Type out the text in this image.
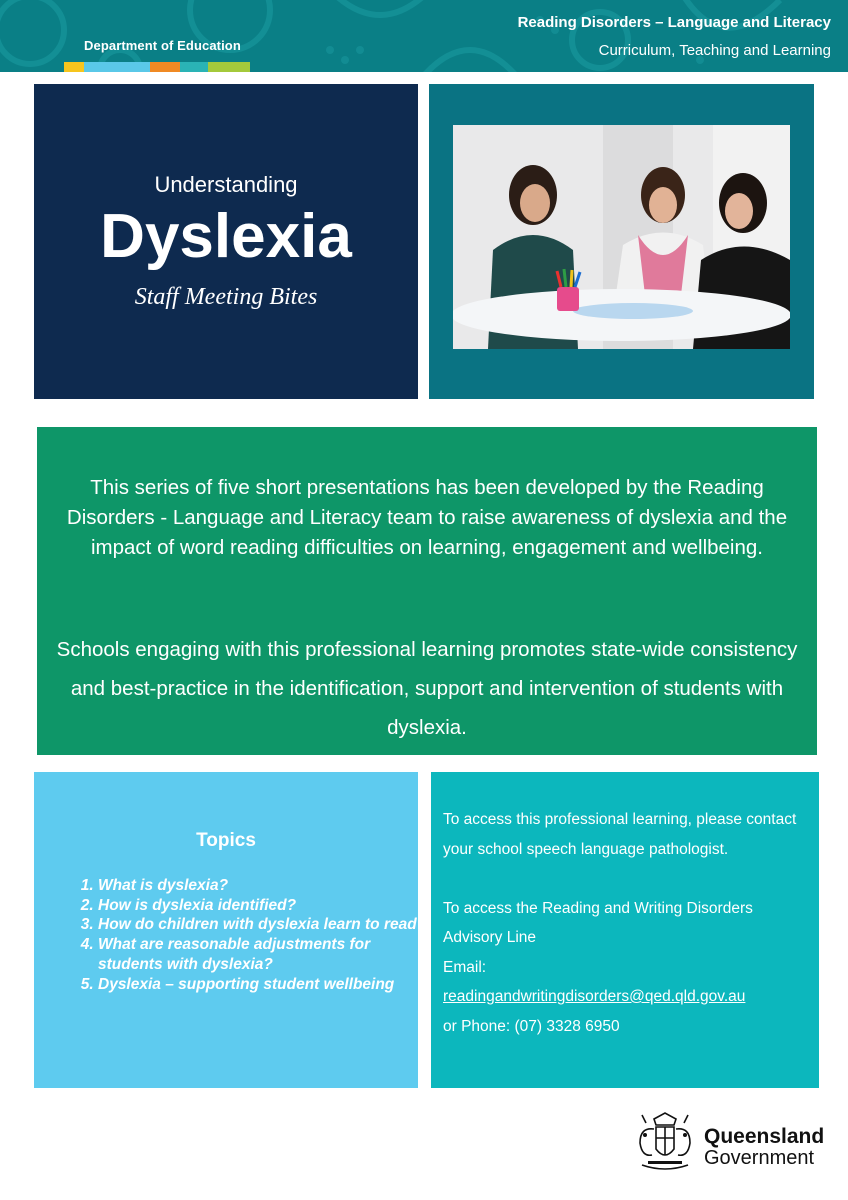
Department of Education
Reading Disorders – Language and Literacy
Curriculum, Teaching and Learning
Understanding
Dyslexia
Staff Meeting Bites

This series of five short presentations has been developed by the Reading Disorders - Language and Literacy team to raise awareness of dyslexia and the impact of word reading difficulties on learning, engagement and wellbeing.

Schools engaging with this professional learning promotes state-wide consistency and best-practice in the identification, support and intervention of students with dyslexia.

Topics
1. What is dyslexia?
2. How is dyslexia identified?
3. How do children with dyslexia learn to read?
4. What are reasonable adjustments for students with dyslexia?
5. Dyslexia – supporting student wellbeing
To access this professional learning, please contact your school speech language pathologist.
To access the Reading and Writing Disorders Advisory Line
Email:
readingandwritingdisorders@qed.qld.gov.au
or Phone: (07) 3328 6950
Queensland
Government
